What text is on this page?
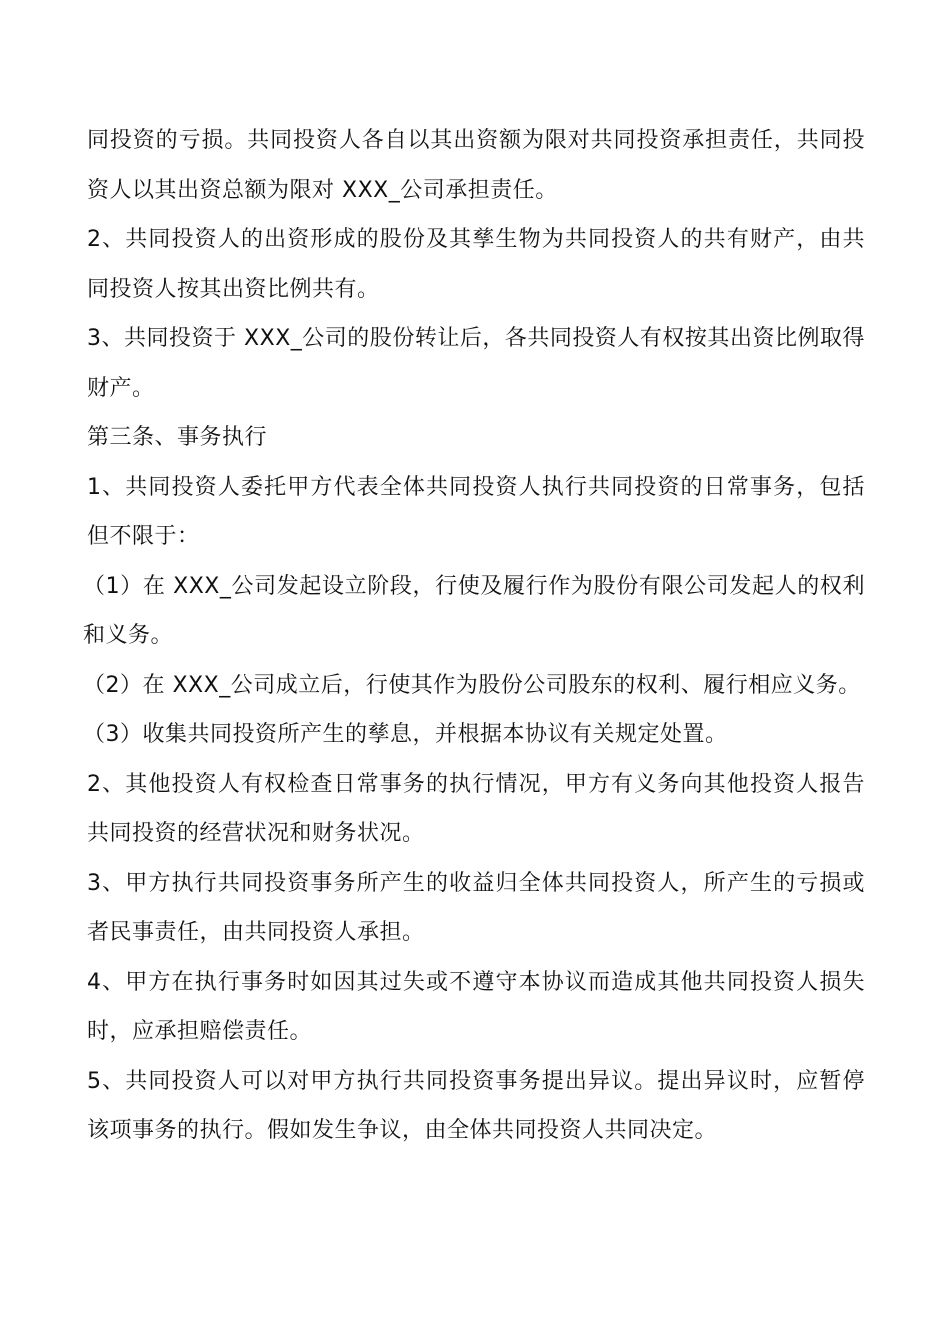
同投资的亏损。共同投资人各自以其出资额为限对共同投资承担责任，共同投资人以其出资总额为限对 XXX_公司承担责任。

2、共同投资人的出资形成的股份及其孳生物为共同投资人的共有财产，由共同投资人按其出资比例共有。

3、共同投资于 XXX_公司的股份转让后，各共同投资人有权按其出资比例取得财产。

第三条、事务执行

1、共同投资人委托甲方代表全体共同投资人执行共同投资的日常事务，包括但不限于：

（1）在 XXX_公司发起设立阶段，行使及履行作为股份有限公司发起人的权利和义务。

（2）在 XXX_公司成立后，行使其作为股份公司股东的权利、履行相应义务。

（3）收集共同投资所产生的孳息，并根据本协议有关规定处置。

2、其他投资人有权检查日常事务的执行情况，甲方有义务向其他投资人报告共同投资的经营状况和财务状况。

3、甲方执行共同投资事务所产生的收益归全体共同投资人，所产生的亏损或者民事责任，由共同投资人承担。

4、甲方在执行事务时如因其过失或不遵守本协议而造成其他共同投资人损失时，应承担赔偿责任。

5、共同投资人可以对甲方执行共同投资事务提出异议。提出异议时，应暂停该项事务的执行。假如发生争议，由全体共同投资人共同决定。
